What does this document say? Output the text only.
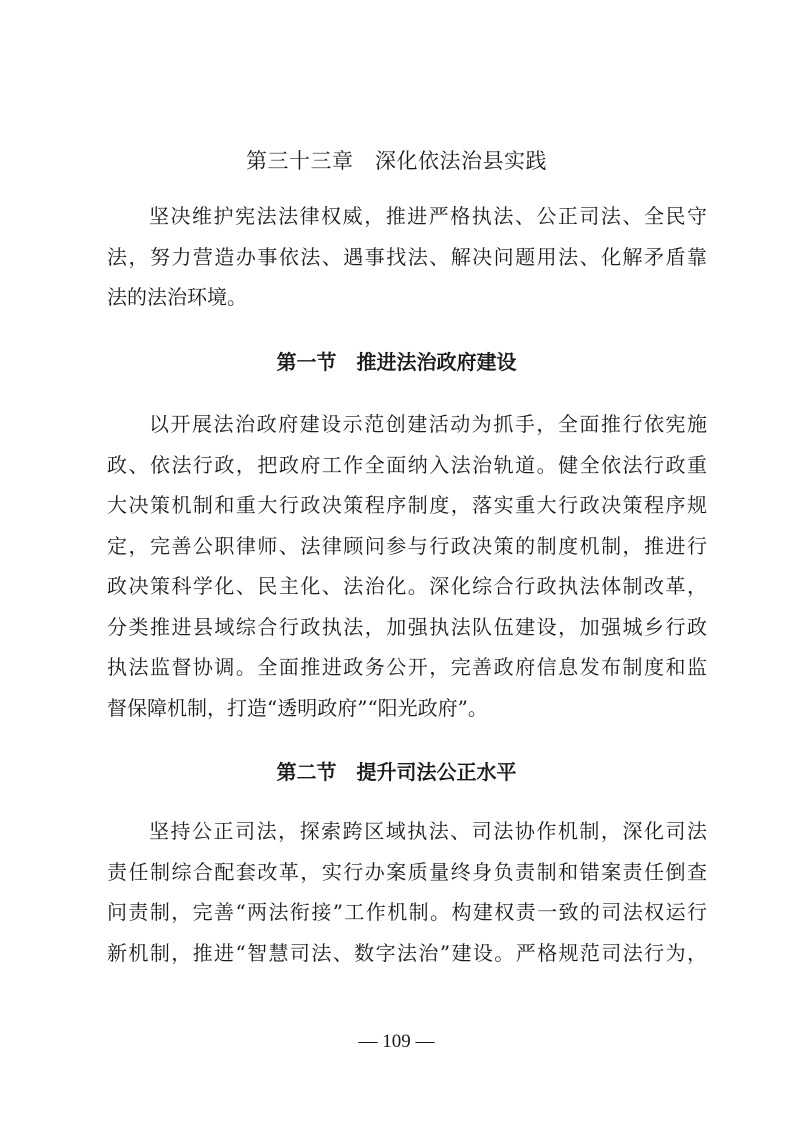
第三十三章　深化依法治县实践
坚决维护宪法法律权威，推进严格执法、公正司法、全民守
法，努力营造办事依法、遇事找法、解决问题用法、化解矛盾靠
法的法治环境。
第一节　推进法治政府建设
以开展法治政府建设示范创建活动为抓手，全面推行依宪施
政、依法行政，把政府工作全面纳入法治轨道。健全依法行政重
大决策机制和重大行政决策程序制度，落实重大行政决策程序规
定，完善公职律师、法律顾问参与行政决策的制度机制，推进行
政决策科学化、民主化、法治化。深化综合行政执法体制改革，
分类推进县域综合行政执法，加强执法队伍建设，加强城乡行政
执法监督协调。全面推进政务公开，完善政府信息发布制度和监
督保障机制，打造“透明政府”“阳光政府”。
第二节　提升司法公正水平
坚持公正司法，探索跨区域执法、司法协作机制，深化司法
责任制综合配套改革，实行办案质量终身负责制和错案责任倒查
问责制，完善“两法衔接”工作机制。构建权责一致的司法权运行
新机制，推进“智慧司法、数字法治”建设。严格规范司法行为，
— 109 —
